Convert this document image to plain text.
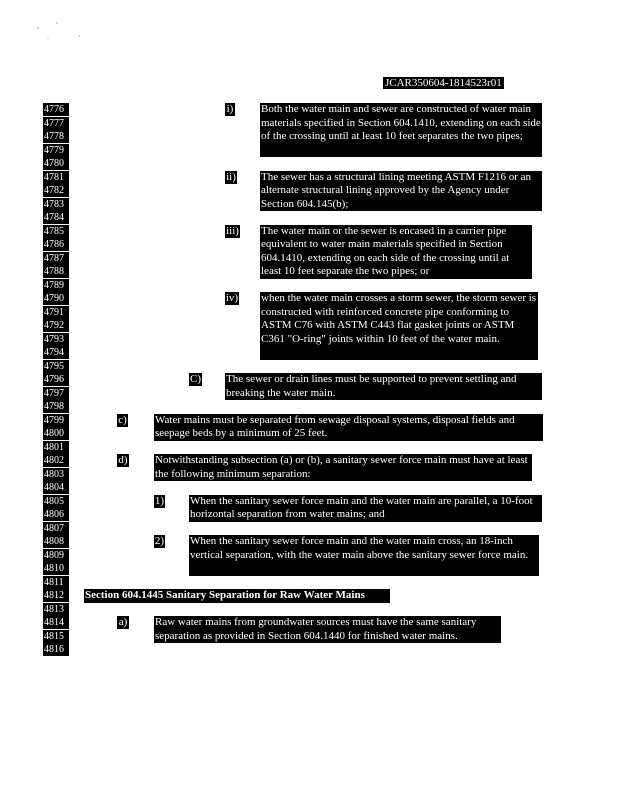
JCAR350604-1814523r01
4776
4777
4778
4779
4780
4781
4782
4783
4784
4785
4786
4787
4788
4789
4790
4791
4792
4793
4794
4795
4796
4797
4798
4799
4800
4801
4802
4803
4804
4805
4806
4807
4808
4809
4810
4811
4812
4813
4814
4815
4816
i)	Both the water main and sewer are constructed of water main materials specified in Section 604.1410, extending on each side of the crossing until at least 10 feet separates the two pipes;
ii) The sewer has a structural lining meeting ASTM F1216 or an alternate structural lining approved by the Agency under Section 604.145(b);
iii) The water main or the sewer is encased in a carrier pipe equivalent to water main materials specified in Section 604.1410, extending on each side of the crossing until at least 10 feet separate the two pipes; or
iv) when the water main crosses a storm sewer, the storm sewer is constructed with reinforced concrete pipe conforming to ASTM C76 with ASTM C443 flat gasket joints or ASTM C361 "O-ring" joints within 10 feet of the water main.
C) The sewer or drain lines must be supported to prevent settling and breaking the water main.
c)	Water mains must be separated from sewage disposal systems, disposal fields and seepage beds by a minimum of 25 feet.
d) Notwithstanding subsection (a) or (b), a sanitary sewer force main must have at least the following minimum separation:
1) When the sanitary sewer force main and the water main are parallel, a 10-foot horizontal separation from water mains; and
2) When the sanitary sewer force main and the water main cross, an 18-inch vertical separation, with the water main above the sanitary sewer force main.
Section 604.1445 Sanitary Separation for Raw Water Mains
a)	Raw water mains from groundwater sources must have the same sanitary separation as provided in Section 604.1440 for finished water mains.
